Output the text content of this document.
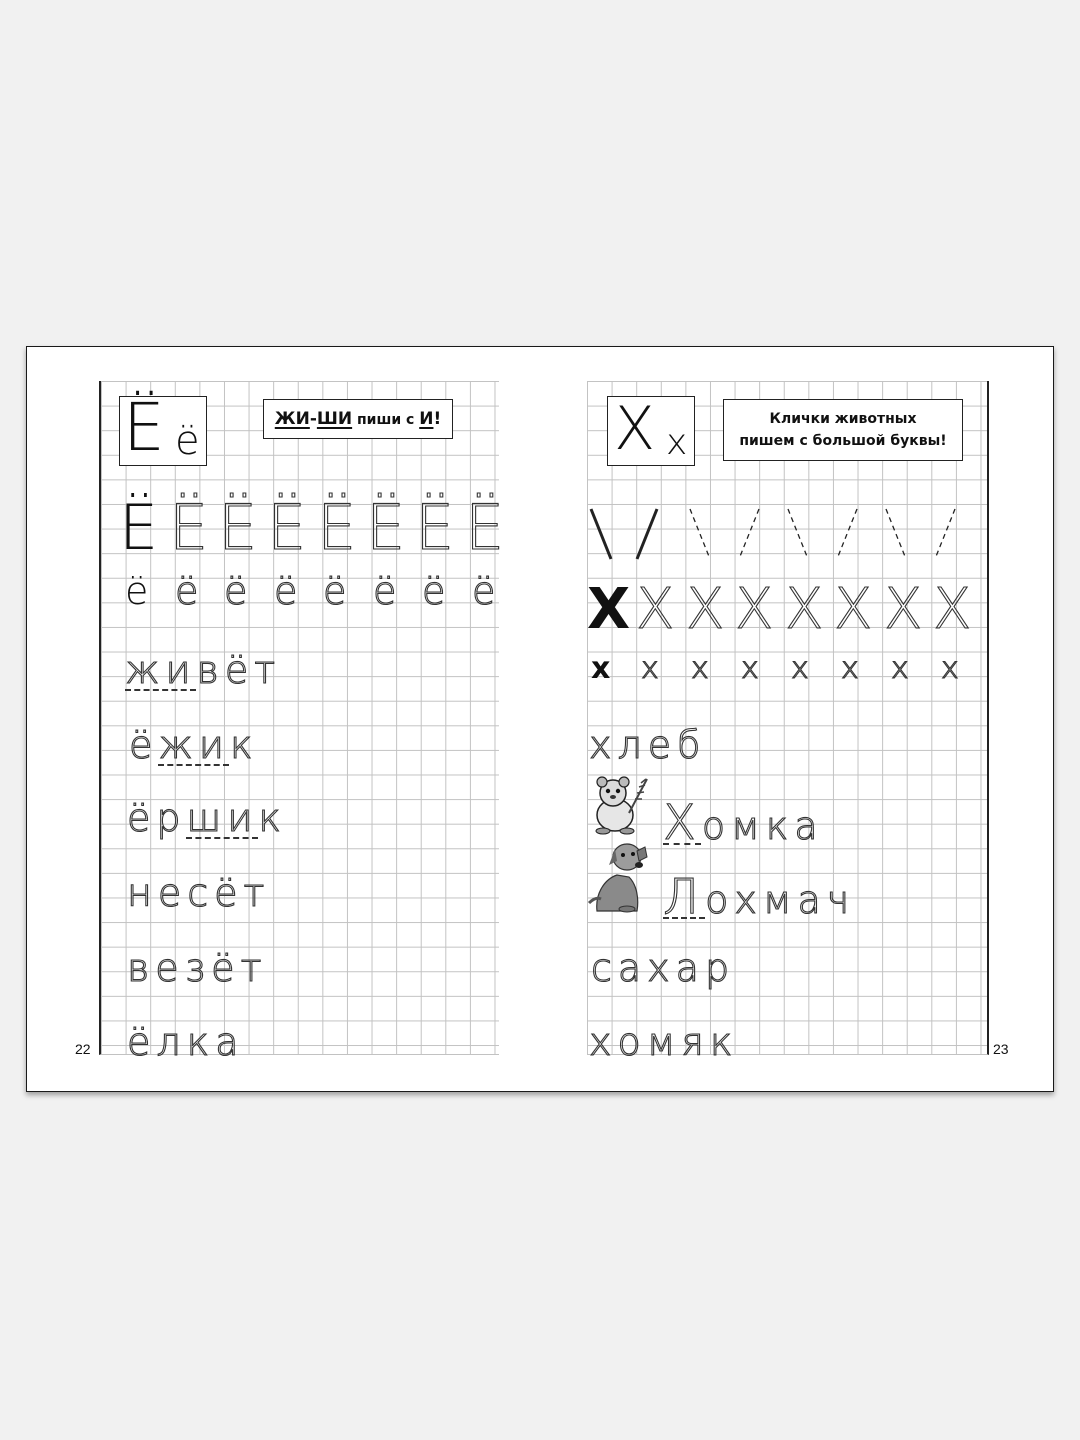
Ё ё	ЖИ-ШИ пиши с И!
Ё Ё Ё Ё Ё Ё Ё Ё
ё ё ё ё ё ё ё ё
живёт
ёжик
ёршик
несёт
везёт
ёлка
22
Х х
Клички животных
пишем с большой буквы!
Х Х Х Х Х Х Х Х
х х х х х х х х
хлеб
Хомка
Лохмач
сахар
хомяк	23
